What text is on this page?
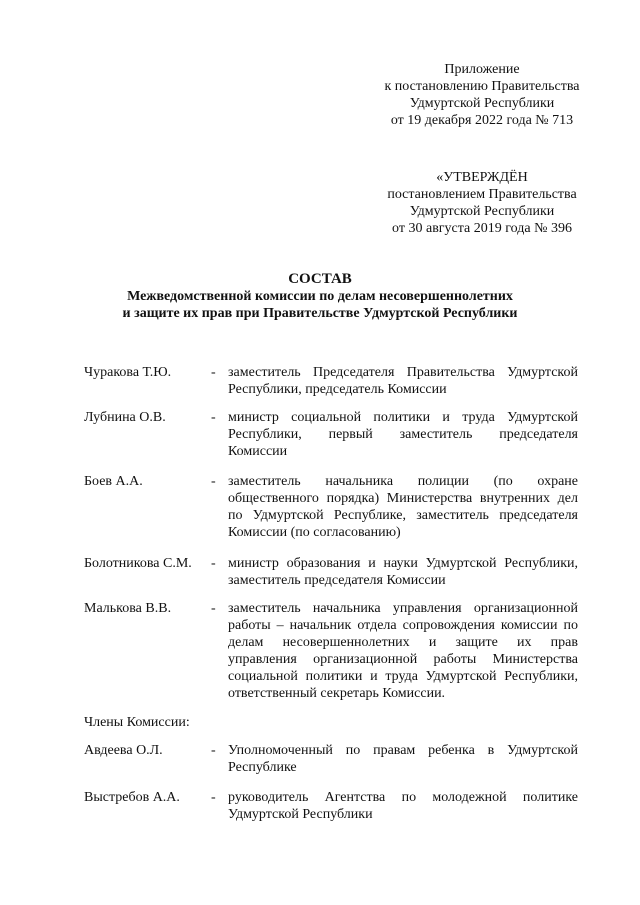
Приложение
к постановлению Правительства
Удмуртской Республики
от 19 декабря 2022 года № 713
«УТВЕРЖДЁН
постановлением Правительства
Удмуртской Республики
от 30 августа 2019 года № 396
СОСТАВ
Межведомственной комиссии по делам несовершеннолетних
и защите их прав при Правительстве Удмуртской Республики
Чуракова Т.Ю.	- заместитель Председателя Правительства Удмуртской
Республики, председатель Комиссии
Лубнина О.В.	- министр социальной политики и труда Удмуртской
Республики, первый заместитель председателя
Комиссии
Боев А.А.	- заместитель начальника полиции (по охране
общественного порядка) Министерства внутренних дел
по Удмуртской Республике, заместитель председателя
Комиссии (по согласованию)
Болотникова С.М. - министр образования и науки Удмуртской Республики,
заместитель председателя Комиссии
Малькова В.В.	- заместитель начальника управления организационной
работы – начальник отдела сопровождения комиссии по
делам несовершеннолетних и защите их прав
управления организационной работы Министерства
социальной политики и труда Удмуртской Республики,
ответственный секретарь Комиссии.
Члены Комиссии:
Авдеева О.Л.	- Уполномоченный по правам ребенка в Удмуртской
Республике
Выстребов А.А. - руководитель Агентства по молодежной политике
Удмуртской Республики
